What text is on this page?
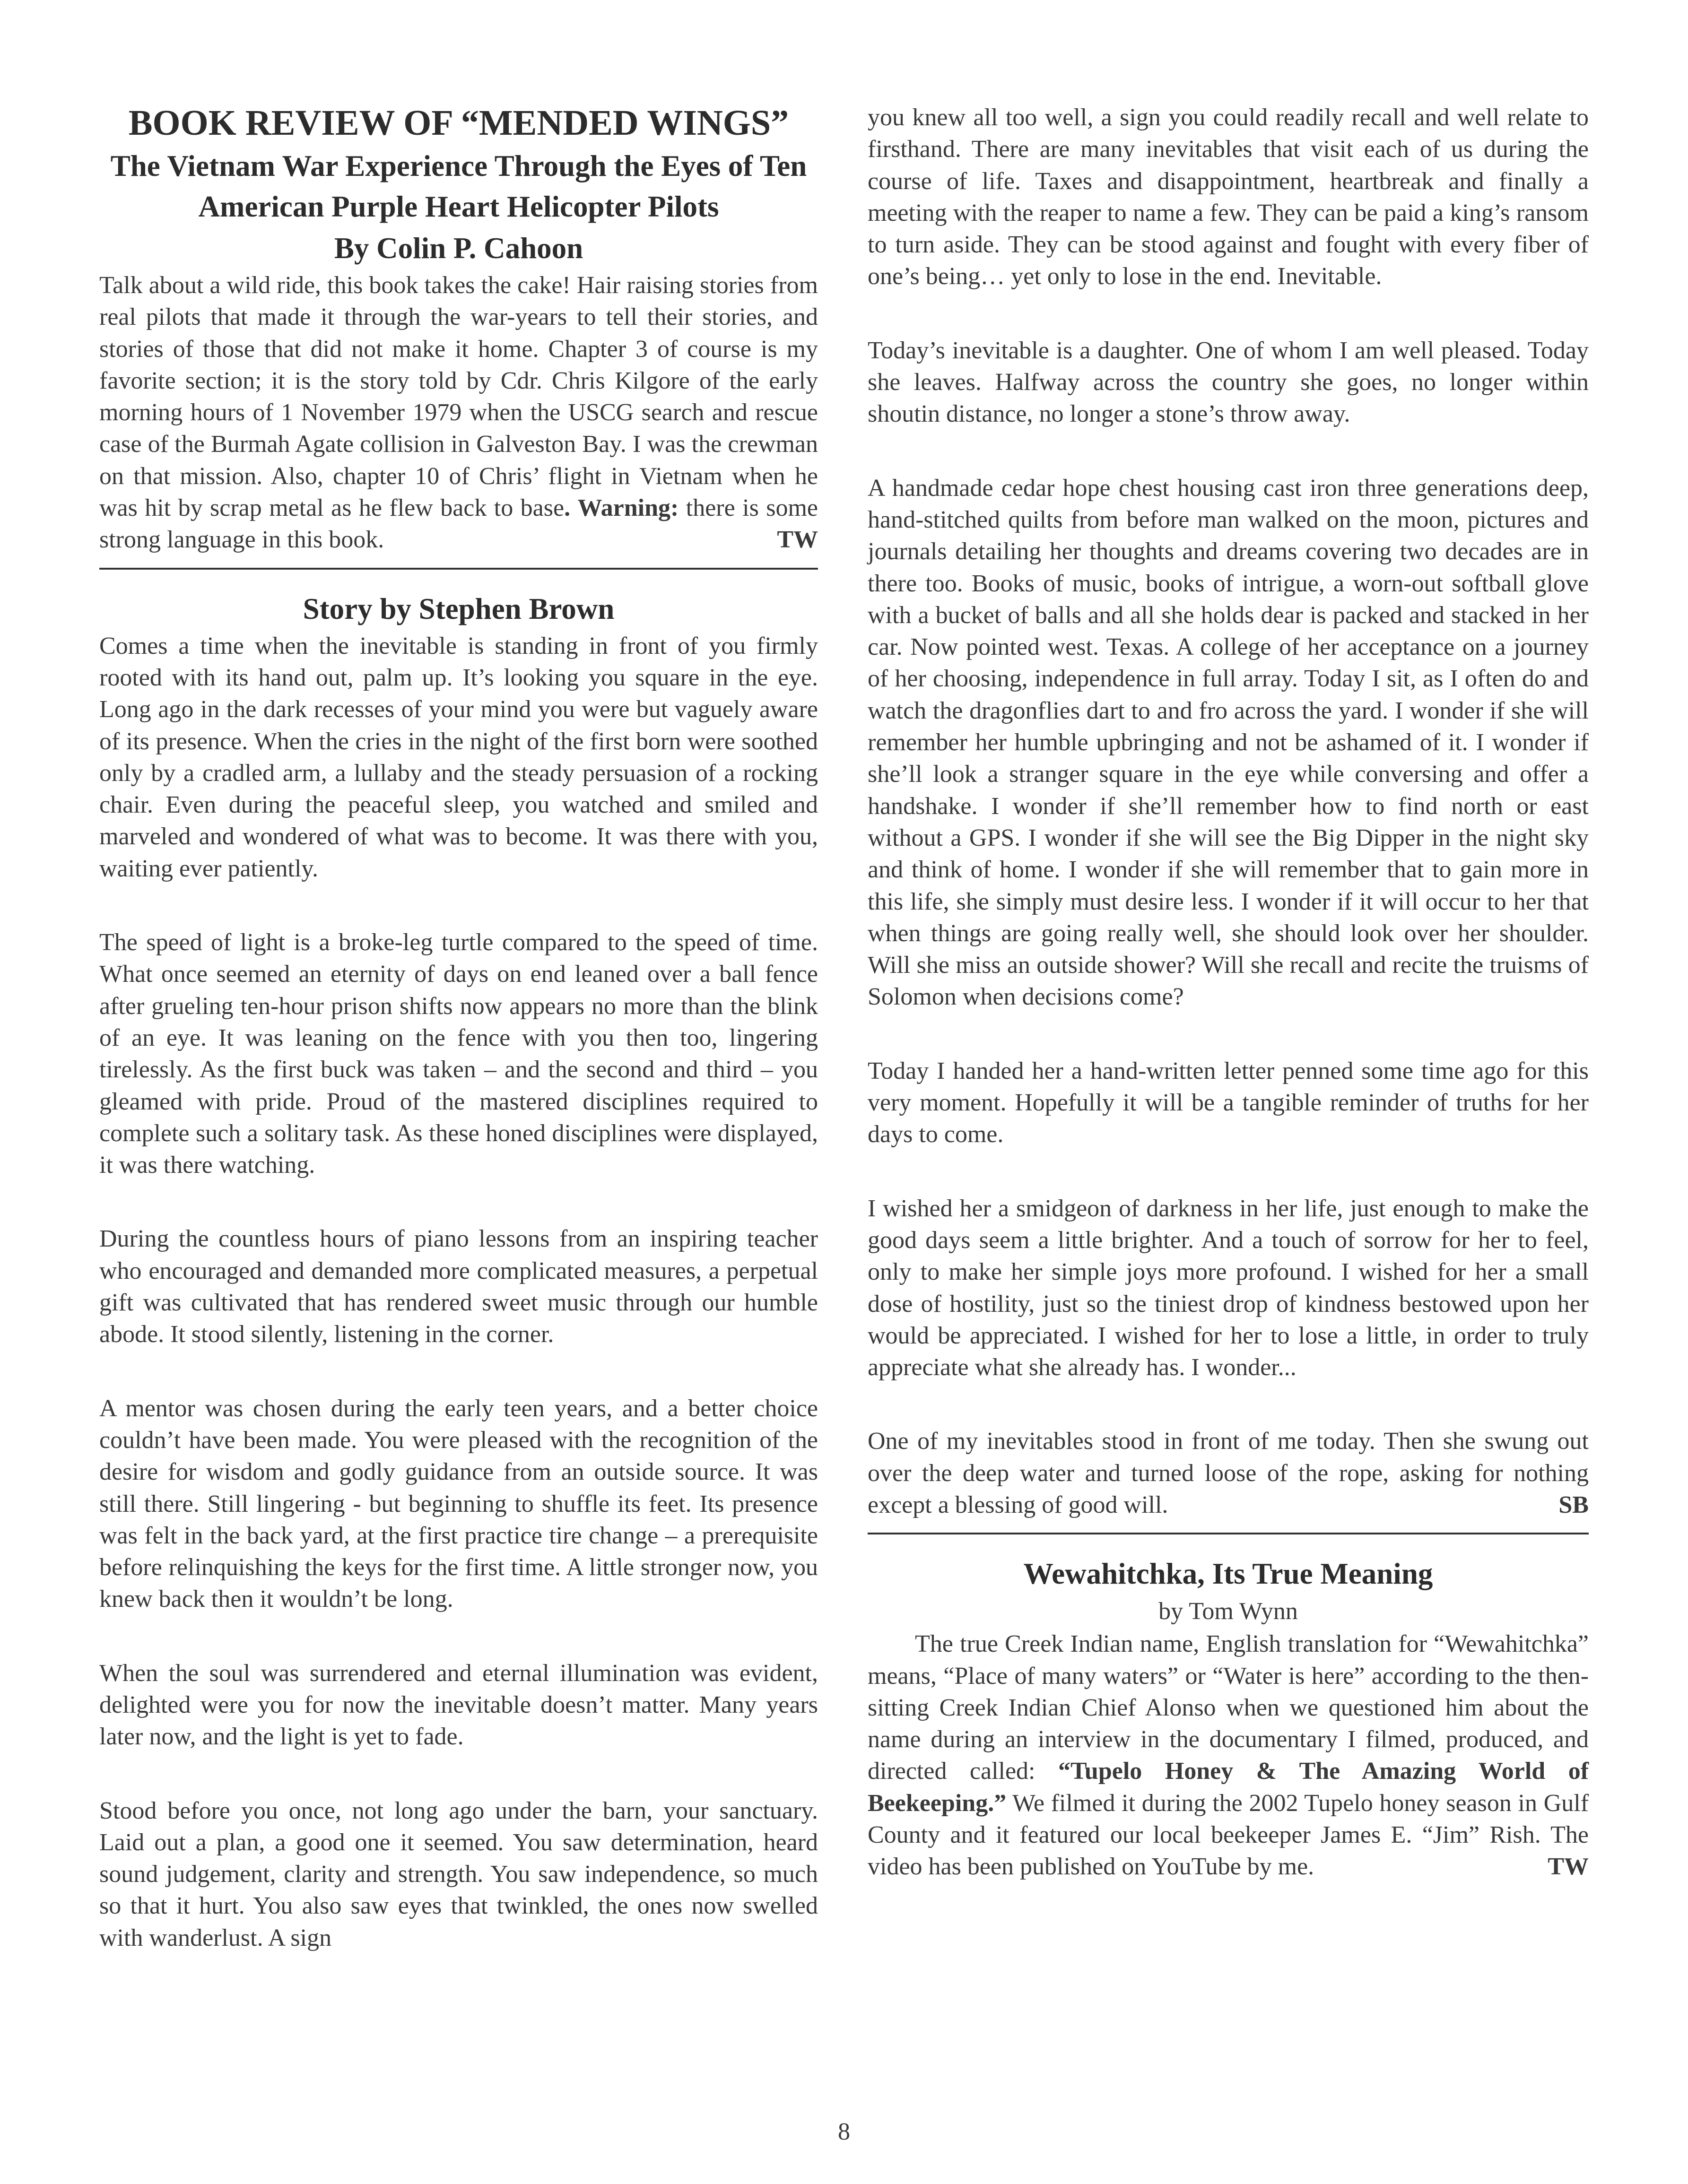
BOOK REVIEW OF “MENDED WINGS”
The Vietnam War Experience Through the Eyes of Ten American Purple Heart Helicopter Pilots
By Colin P. Cahoon

Talk about a wild ride, this book takes the cake! Hair raising stories from real pilots that made it through the war-years to tell their stories, and stories of those that did not make it home. Chapter 3 of course is my favorite section; it is the story told by Cdr. Chris Kilgore of the early morning hours of 1 November 1979 when the USCG search and rescue case of the Burmah Agate collision in Galveston Bay. I was the crewman on that mission. Also, chapter 10 of Chris’ flight in Vietnam when he was hit by scrap metal as he flew back to base. Warning: there is some strong language in this book.	TW

Story by Stephen Brown

Comes a time when the inevitable is standing in front of you firmly rooted with its hand out, palm up. It’s looking you square in the eye. Long ago in the dark recesses of your mind you were but vaguely aware of its presence. When the cries in the night of the first born were soothed only by a cradled arm, a lullaby and the steady persuasion of a rocking chair. Even during the peaceful sleep, you watched and smiled and marveled and wondered of what was to become. It was there with you, waiting ever patiently.

The speed of light is a broke-leg turtle compared to the speed of time. What once seemed an eternity of days on end leaned over a ball fence after grueling ten-hour prison shifts now appears no more than the blink of an eye. It was leaning on the fence with you then too, lingering tirelessly. As the first buck was taken – and the second and third – you gleamed with pride. Proud of the mastered disciplines required to complete such a solitary task. As these honed disciplines were displayed, it was there watching.

During the countless hours of piano lessons from an inspiring teacher who encouraged and demanded more complicated measures, a perpetual gift was cultivated that has rendered sweet music through our humble abode. It stood silently, listening in the corner.

A mentor was chosen during the early teen years, and a better choice couldn’t have been made. You were pleased with the recognition of the desire for wisdom and godly guidance from an outside source. It was still there. Still lingering - but beginning to shuffle its feet. Its presence was felt in the back yard, at the first practice tire change – a prerequisite before relinquishing the keys for the first time. A little stronger now, you knew back then it wouldn’t be long.

When the soul was surrendered and eternal illumination was evident, delighted were you for now the inevitable doesn’t matter. Many years later now, and the light is yet to fade.

Stood before you once, not long ago under the barn, your sanctuary. Laid out a plan, a good one it seemed. You saw determination, heard sound judgement, clarity and strength. You saw independence, so much so that it hurt. You also saw eyes that twinkled, the ones now swelled with wanderlust. A sign

you knew all too well, a sign you could readily recall and well relate to firsthand. There are many inevitables that visit each of us during the course of life. Taxes and disappointment, heartbreak and finally a meeting with the reaper to name a few. They can be paid a king’s ransom to turn aside. They can be stood against and fought with every fiber of one’s being… yet only to lose in the end. Inevitable.

Today’s inevitable is a daughter. One of whom I am well pleased. Today she leaves. Halfway across the country she goes, no longer within shoutin distance, no longer a stone’s throw away.

A handmade cedar hope chest housing cast iron three generations deep, hand-stitched quilts from before man walked on the moon, pictures and journals detailing her thoughts and dreams covering two decades are in there too. Books of music, books of intrigue, a worn-out softball glove with a bucket of balls and all she holds dear is packed and stacked in her car. Now pointed west. Texas. A college of her acceptance on a journey of her choosing, independence in full array. Today I sit, as I often do and watch the dragonflies dart to and fro across the yard. I wonder if she will remember her humble upbringing and not be ashamed of it. I wonder if she’ll look a stranger square in the eye while conversing and offer a handshake. I wonder if she’ll remember how to find north or east without a GPS. I wonder if she will see the Big Dipper in the night sky and think of home. I wonder if she will remember that to gain more in this life, she simply must desire less. I wonder if it will occur to her that when things are going really well, she should look over her shoulder. Will she miss an outside shower? Will she recall and recite the truisms of Solomon when decisions come?

Today I handed her a hand-written letter penned some time ago for this very moment. Hopefully it will be a tangible reminder of truths for her days to come.

I wished her a smidgeon of darkness in her life, just enough to make the good days seem a little brighter. And a touch of sorrow for her to feel, only to make her simple joys more profound. I wished for her a small dose of hostility, just so the tiniest drop of kindness bestowed upon her would be appreciated. I wished for her to lose a little, in order to truly appreciate what she already has. I wonder...

One of my inevitables stood in front of me today. Then she swung out over the deep water and turned loose of the rope, asking for nothing except a blessing of good will.	SB

Wewahitchka, Its True Meaning

by Tom Wynn

The true Creek Indian name, English translation for “Wewahitchka” means, “Place of many waters” or “Water is here” according to the then-sitting Creek Indian Chief Alonso when we questioned him about the name during an interview in the documentary I filmed, produced, and directed called: “Tupelo Honey & The Amazing World of Beekeeping.” We filmed it during the 2002 Tupelo honey season in Gulf County and it featured our local beekeeper James E. “Jim” Rish. The video has been published on YouTube by me.	TW

8
